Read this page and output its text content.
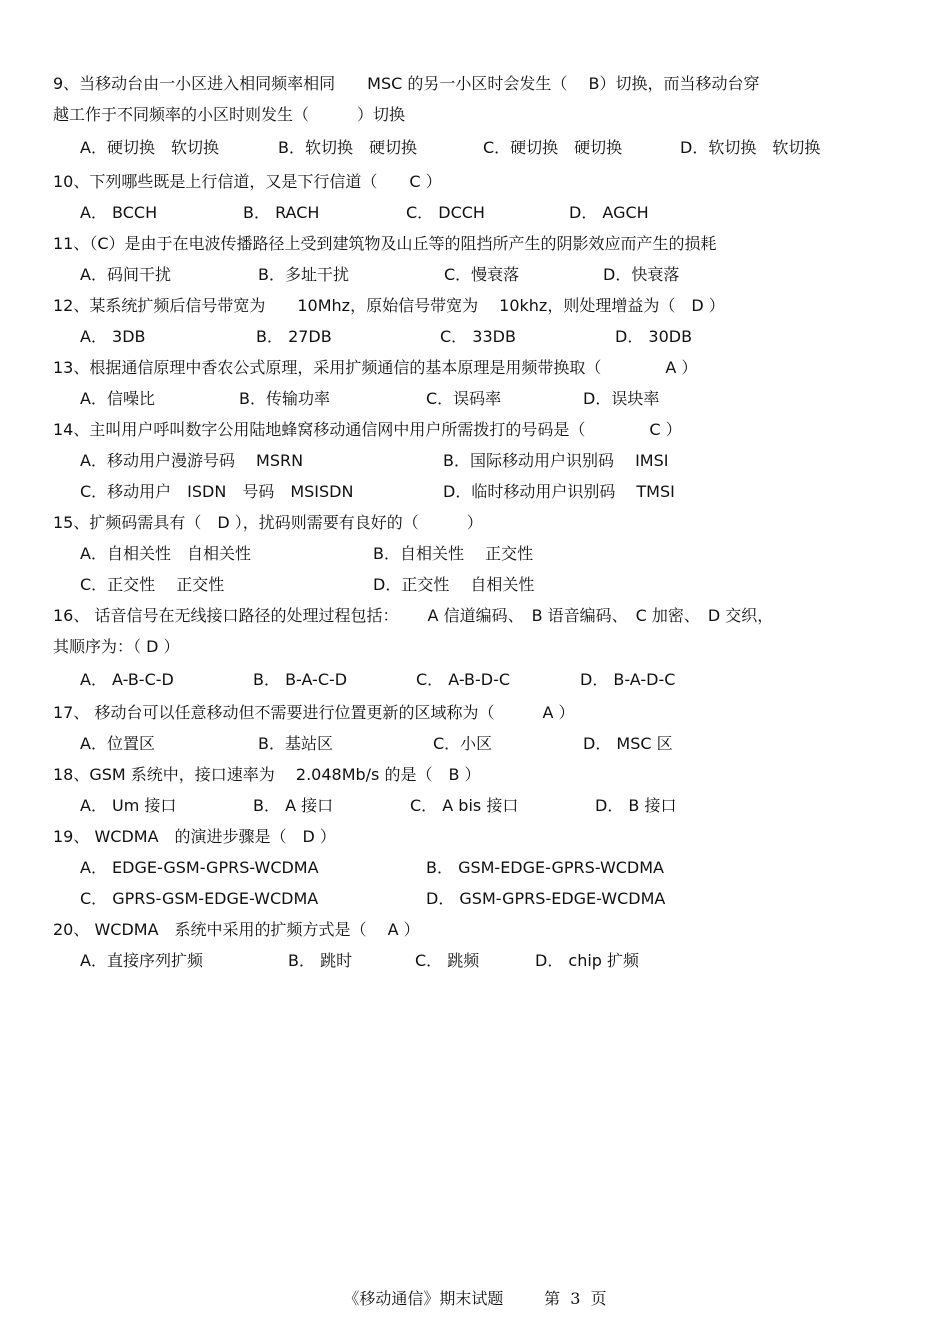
9、当移动台由一小区进入相同频率相同　　MSC 的另一小区时会发生（　 B）切换，而当移动台穿
越工作于不同频率的小区时则发生（　　　）切换
A．硬切换　软切换	B．软切换　硬切换	C．硬切换　硬切换	D．软切换　软切换
10、下列哪些既是上行信道，又是下行信道（　　C ）
A． BCCH	B． RACH	C． DCCH	D． AGCH
11、（C）是由于在电波传播路径上受到建筑物及山丘等的阻挡所产生的阴影效应而产生的损耗
A．码间干扰	B．多址干扰	C．慢衰落	D．快衰落
12、某系统扩频后信号带宽为　　10Mhz，原始信号带宽为　 10khz，则处理增益为（　D ）
A． 3DB	B． 27DB	C． 33DB	D． 30DB
13、根据通信原理中香农公式原理，采用扩频通信的基本原理是用频带换取（　　　　A ）
A．信噪比	B．传输功率	C．误码率	D．误块率
14、主叫用户呼叫数字公用陆地蜂窝移动通信网中用户所需拨打的号码是（　　　　C ）
A．移动用户漫游号码　 MSRN	B．国际移动用户识别码　 IMSI
C．移动用户　ISDN　号码　MSISDN	D．临时移动用户识别码　 TMSI
15、扩频码需具有（　D ），扰码则需要有良好的（　　　）
A．自相关性　自相关性	B．自相关性　 正交性
C．正交性　 正交性	D．正交性　 自相关性
16、 话音信号在无线接口路径的处理过程包括：　　 A 信道编码、　B 语音编码、　C 加密、　D 交织，
其顺序为：（ D ）
A． A-B-C-D	B． B-A-C-D	C． A-B-D-C	D． B-A-D-C
17、 移动台可以任意移动但不需要进行位置更新的区域称为（　　　A ）
A．位置区	B．基站区	C．小区	D． MSC 区
18、GSM 系统中，接口速率为　 2.048Mb/s 的是（　B ）
A． Um 接口	B． A 接口	C． A bis 接口	D． B 接口
19、 WCDMA　的演进步骤是（　D ）
A． EDGE-GSM-GPRS-WCDMA	B． GSM-EDGE-GPRS-WCDMA
C． GPRS-GSM-EDGE-WCDMA	D． GSM-GPRS-EDGE-WCDMA
20、 WCDMA　系统中采用的扩频方式是（　 A ）
A．直接序列扩频	B． 跳时	C． 跳频	D． chip 扩频
《移动通信》期末试题	第 3 页
